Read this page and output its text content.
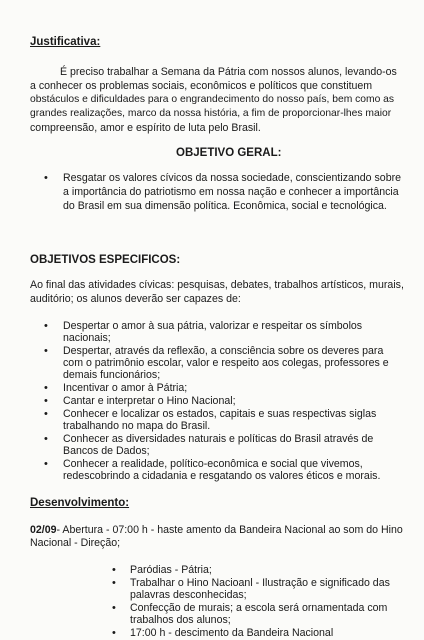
Justificativa:
É preciso trabalhar a Semana da Pátria com nossos alunos, levando-os
a conhecer os problemas sociais, econômicos e políticos que constituem
obstáculos e dificuldades para o engrandecimento do nosso país, bem como as
grandes realizações, marco da nossa história, a fim de proporcionar-lhes maior
compreensão, amor e espírito de luta pelo Brasil.
OBJETIVO GERAL:
• Resgatar os valores cívicos da nossa sociedade, conscientizando sobre
a importância do patriotismo em nossa nação e conhecer a importância
do Brasil em sua dimensão política. Econômica, social e tecnológica.
OBJETIVOS ESPECIFICOS:
Ao final das atividades cívicas: pesquisas, debates, trabalhos artísticos, murais,
auditório; os alunos deverão ser capazes de:
• Despertar o amor à sua pátria, valorizar e respeitar os símbolos
nacionais;
• Despertar, através da reflexão, a consciência sobre os deveres para
com o patrimônio escolar, valor e respeito aos colegas, professores e
demais funcionários;
• Incentivar o amor à Pátria;
• Cantar e interpretar o Hino Nacional;
• Conhecer e localizar os estados, capitais e suas respectivas siglas
trabalhando no mapa do Brasil.
• Conhecer as diversidades naturais e políticas do Brasil através de
Bancos de Dados;
• Conhecer a realidade, político-econômica e social que vivemos,
redescobrindo a cidadania e resgatando os valores éticos e morais.
Desenvolvimento:
02/09- Abertura - 07:00 h - haste amento da Bandeira Nacional ao som do Hino
Nacional - Direção;
• Paródias - Pátria;
• Trabalhar o Hino Nacioanl - Ilustração e significado das
palavras desconhecidas;
• Confecção de murais; a escola será ornamentada com
trabalhos dos alunos;
• 17:00 h - descimento da Bandeira Nacional
